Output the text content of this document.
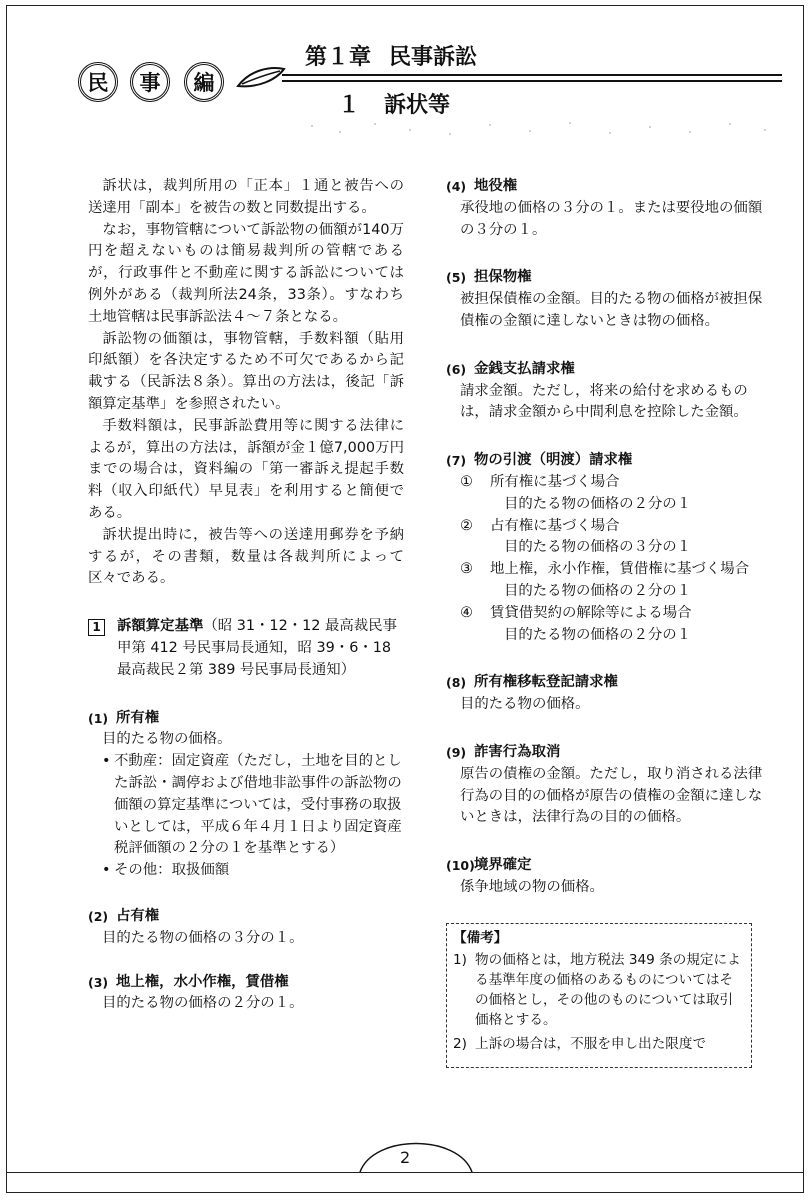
民	事	編
第１章 民事訴訟
１ 訴状等

訴状は，裁判所用の「正本」１通と被告への送達用「副本」を被告の数と同数提出する。

なお，事物管轄について訴訟物の価額が140万円を超えないものは簡易裁判所の管轄であるが，行政事件と不動産に関する訴訟については例外がある（裁判所法24条，33条）。すなわち土地管轄は民事訴訟法４～７条となる。

訴訟物の価額は，事物管轄，手数料額（貼用印紙額）を各決定するため不可欠であるから記載する（民訴法８条）。算出の方法は，後記「訴額算定基準」を参照されたい。

手数料額は，民事訴訟費用等に関する法律によるが，算出の方法は，訴額が金１億7,000万円までの場合は，資料編の「第一審訴え提起手数料（収入印紙代）早見表」を利用すると簡便である。

訴状提出時に，被告等への送達用郵券を予納するが，その書類，数量は各裁判所によって区々である。

1	訴額算定基準（昭 31・12・12 最高裁民事甲第 412 号民事局長通知，昭 39・6・18 最高裁民２第 389 号民事局長通知）
(1) 所有権
目的たる物の価格。
• 不動産：固定資産（ただし，土地を目的とした訴訟・調停および借地非訟事件の訴訟物の価額の算定基準については，受付事務の取扱いとしては，平成６年４月１日より固定資産税評価額の２分の１を基準とする）
• その他：取扱価額
(2) 占有権
目的たる物の価格の３分の１。
(3) 地上権，水小作権，賃借権
目的たる物の価格の２分の１。
(4) 地役権
承役地の価格の３分の１。または要役地の価額の３分の１。
(5) 担保物権
被担保債権の金額。目的たる物の価格が被担保債権の金額に達しないときは物の価格。
(6) 金銭支払請求権
請求金額。ただし，将来の給付を求めるものは，請求金額から中間利息を控除した金額。
(7) 物の引渡（明渡）請求権
①	所有権に基づく場合
目的たる物の価格の２分の１
②	占有権に基づく場合
目的たる物の価格の３分の１
③	地上権，永小作権，賃借権に基づく場合
目的たる物の価格の２分の１
④	賃貸借契約の解除等による場合
目的たる物の価格の２分の１
(8) 所有権移転登記請求権
目的たる物の価格。
(9) 詐害行為取消
原告の債権の金額。ただし，取り消される法律行為の目的の価格が原告の債権の金額に達しないときは，法律行為の目的の価格。
(10) 境界確定
係争地域の物の価格。
【備考】
1) 物の価格とは，地方税法 349 条の規定による基準年度の価格のあるものについてはその価格とし，その他のものについては取引価格とする。
2) 上訴の場合は，不服を申し出た限度で
2
